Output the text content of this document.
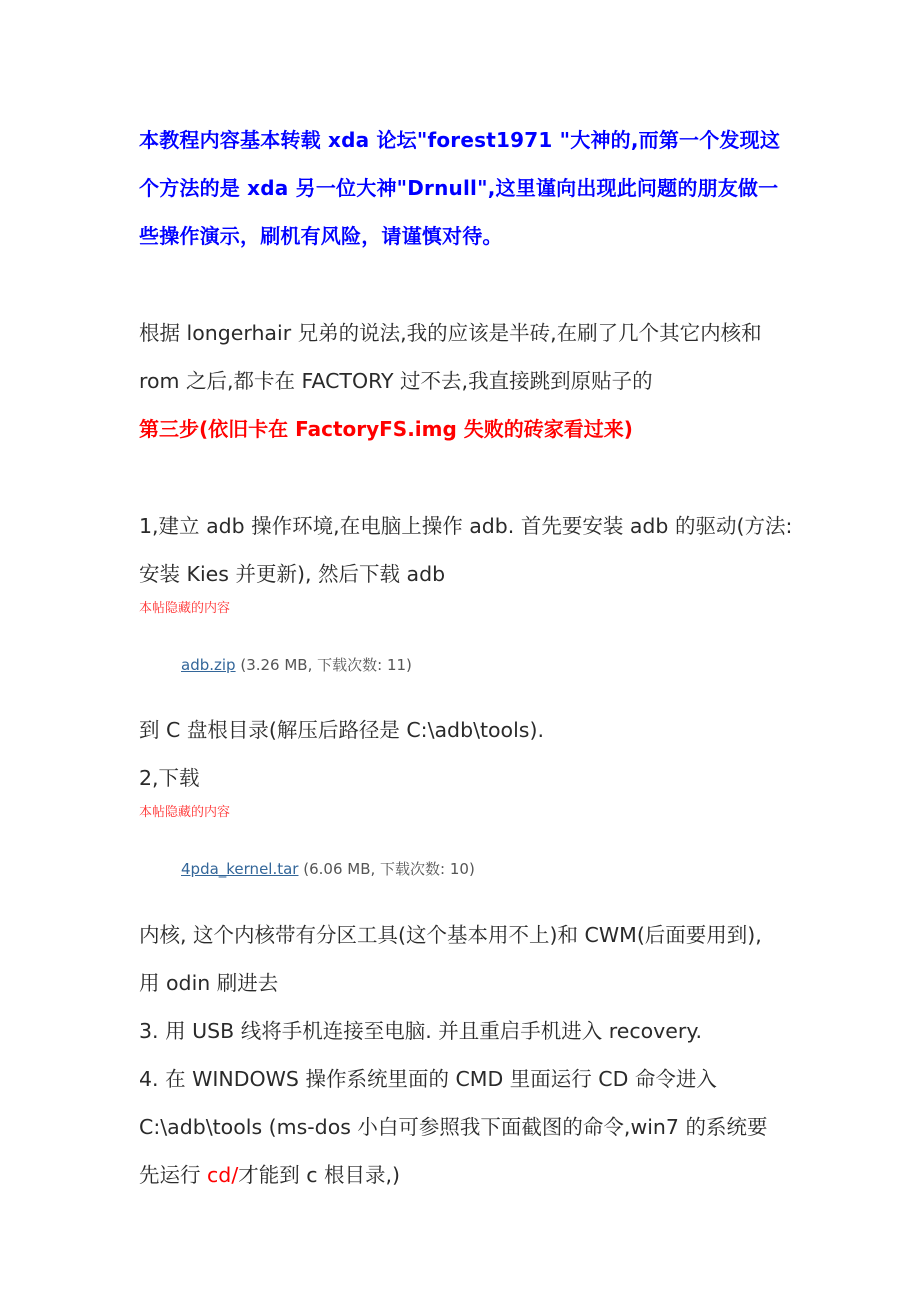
本教程内容基本转载 xda 论坛"forest1971 "大神的,而第一个发现这

个方法的是 xda 另一位大神"Drnull",这里谨向出现此问题的朋友做一

些操作演示，刷机有风险，请谨慎对待。

根据 longerhair 兄弟的说法,我的应该是半砖,在刷了几个其它内核和

rom 之后,都卡在 FACTORY 过不去,我直接跳到原贴子的

第三步(依旧卡在 FactoryFS.img 失败的砖家看过来)

1,建立 adb 操作环境,在电脑上操作 adb. 首先要安装 adb 的驱动(方法:

安装 Kies 并更新), 然后下载 adb

本帖隐藏的内容

adb.zip (3.26 MB, 下载次数: 11)

到 C 盘根目录(解压后路径是 C:\adb\tools).

2,下载

本帖隐藏的内容

4pda_kernel.tar (6.06 MB, 下载次数: 10)

内核, 这个内核带有分区工具(这个基本用不上)和 CWM(后面要用到),

用 odin 刷进去

3. 用 USB 线将手机连接至电脑. 并且重启手机进入 recovery.

4. 在 WINDOWS 操作系统里面的 CMD 里面运行 CD 命令进入

C:\adb\tools (ms-dos 小白可参照我下面截图的命令,win7 的系统要

先运行 cd/才能到 c 根目录,)
